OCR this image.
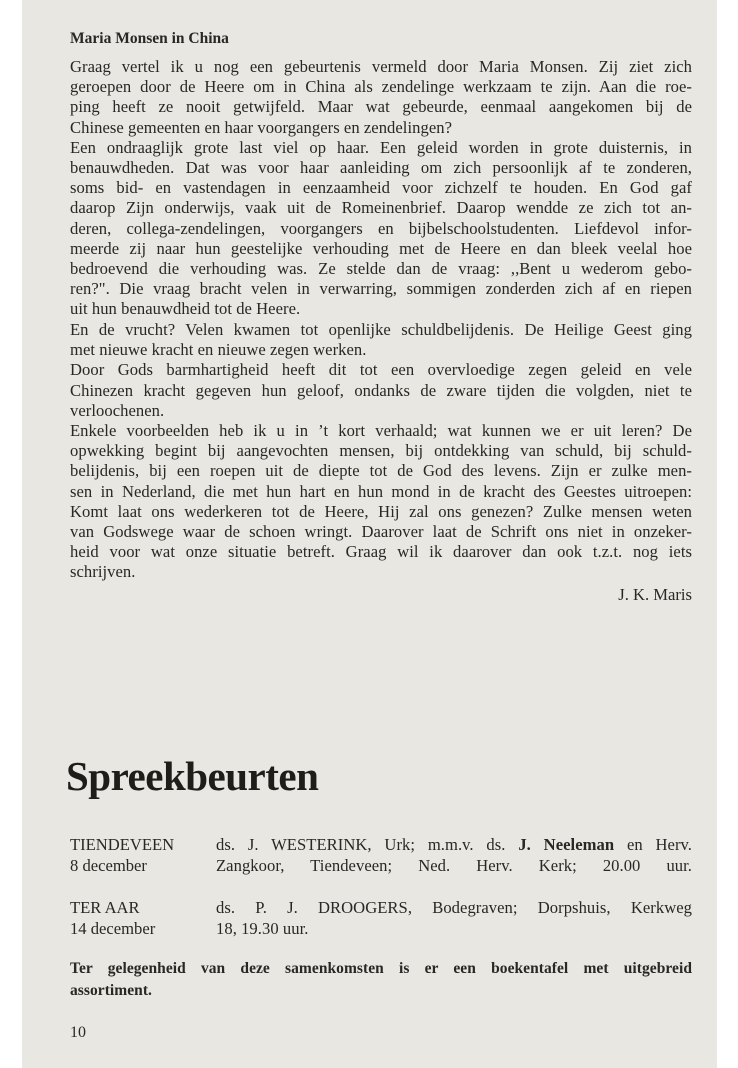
Maria Monsen in China
Graag vertel ik u nog een gebeurtenis vermeld door Maria Monsen. Zij ziet zich
geroepen door de Heere om in China als zendelinge werkzaam te zijn. Aan die roe-
ping heeft ze nooit getwijfeld. Maar wat gebeurde, eenmaal aangekomen bij de
Chinese gemeenten en haar voorgangers en zendelingen?
Een ondraaglijk grote last viel op haar. Een geleid worden in grote duisternis, in
benauwdheden. Dat was voor haar aanleiding om zich persoonlijk af te zonderen,
soms bid- en vastendagen in eenzaamheid voor zichzelf te houden. En God gaf
daarop Zijn onderwijs, vaak uit de Romeinenbrief. Daarop wendde ze zich tot an-
deren, collega-zendelingen, voorgangers en bijbelschoolstudenten. Liefdevol infor-
meerde zij naar hun geestelijke verhouding met de Heere en dan bleek veelal hoe
bedroevend die verhouding was. Ze stelde dan de vraag: ,,Bent u wederom gebo-
ren?". Die vraag bracht velen in verwarring, sommigen zonderden zich af en riepen
uit hun benauwdheid tot de Heere.
En de vrucht? Velen kwamen tot openlijke schuldbelijdenis. De Heilige Geest ging
met nieuwe kracht en nieuwe zegen werken.
Door Gods barmhartigheid heeft dit tot een overvloedige zegen geleid en vele
Chinezen kracht gegeven hun geloof, ondanks de zware tijden die volgden, niet te
verloochenen.
Enkele voorbeelden heb ik u in ’t kort verhaald; wat kunnen we er uit leren? De
opwekking begint bij aangevochten mensen, bij ontdekking van schuld, bij schuld-
belijdenis, bij een roepen uit de diepte tot de God des levens. Zijn er zulke men-
sen in Nederland, die met hun hart en hun mond in de kracht des Geestes uitroepen:
Komt laat ons wederkeren tot de Heere, Hij zal ons genezen? Zulke mensen weten
van Godswege waar de schoen wringt. Daarover laat de Schrift ons niet in onzeker-
heid voor wat onze situatie betreft. Graag wil ik daarover dan ook t.z.t. nog iets
schrijven.
J. K. Maris
Spreekbeurten
TIENDEVEEN	ds. J. WESTERINK, Urk; m.m.v. ds. J. Neeleman en Herv.
8 december	Zangkoor, Tiendeveen; Ned. Herv. Kerk; 20.00 uur.
TER AAR	ds. P. J. DROOGERS, Bodegraven; Dorpshuis, Kerkweg
14 december	18, 19.30 uur.
Ter gelegenheid van deze samenkomsten is er een boekentafel met uitgebreid
assortiment.
10
